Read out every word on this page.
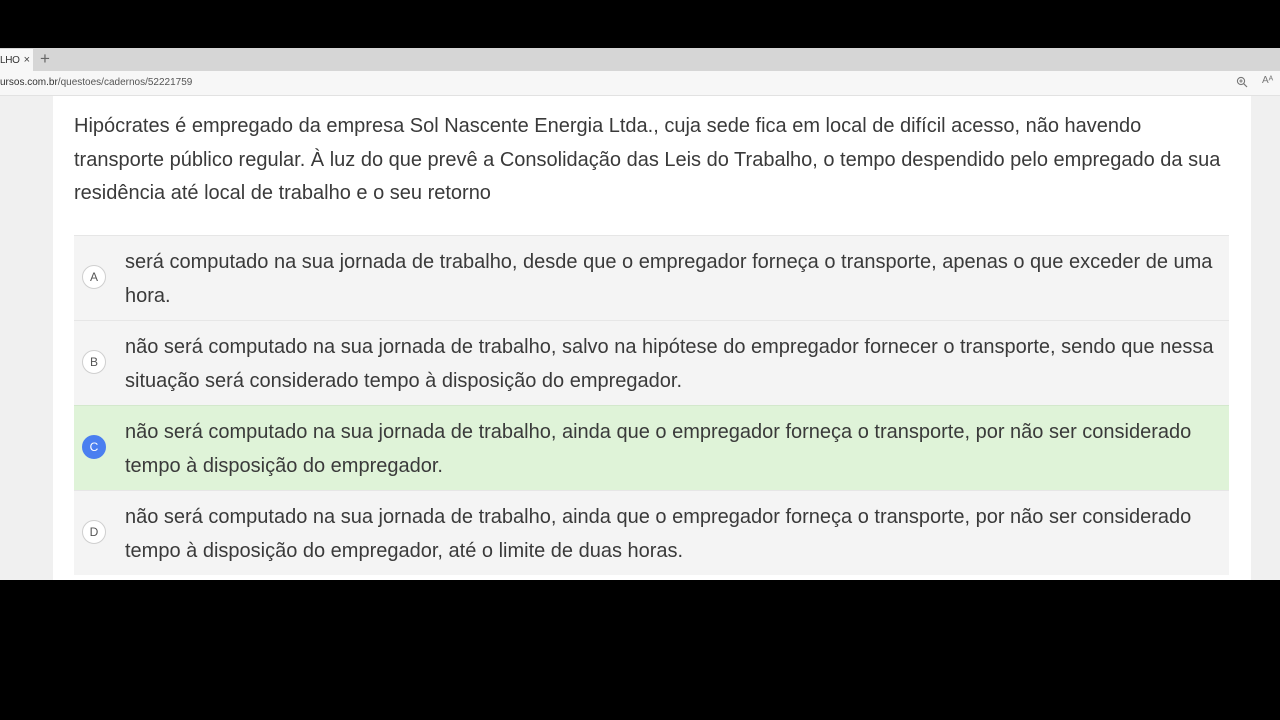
LHO × +
ursos.com.br/questoes/cadernos/52221759	Aᴬ
Hipócrates é empregado da empresa Sol Nascente Energia Ltda., cuja sede fica em local de difícil acesso, não havendo transporte público regular. À luz do que prevê a Consolidação das Leis do Trabalho, o tempo despendido pelo empregado da sua residência até local de trabalho e o seu retorno
A
será computado na sua jornada de trabalho, desde que o empregador forneça o transporte, apenas o que exceder de uma hora.
B
não será computado na sua jornada de trabalho, salvo na hipótese do empregador fornecer o transporte, sendo que nessa situação será considerado tempo à disposição do empregador.
C
não será computado na sua jornada de trabalho, ainda que o empregador forneça o transporte, por não ser considerado tempo à disposição do empregador.
D
não será computado na sua jornada de trabalho, ainda que o empregador forneça o transporte, por não ser considerado tempo à disposição do empregador, até o limite de duas horas.
